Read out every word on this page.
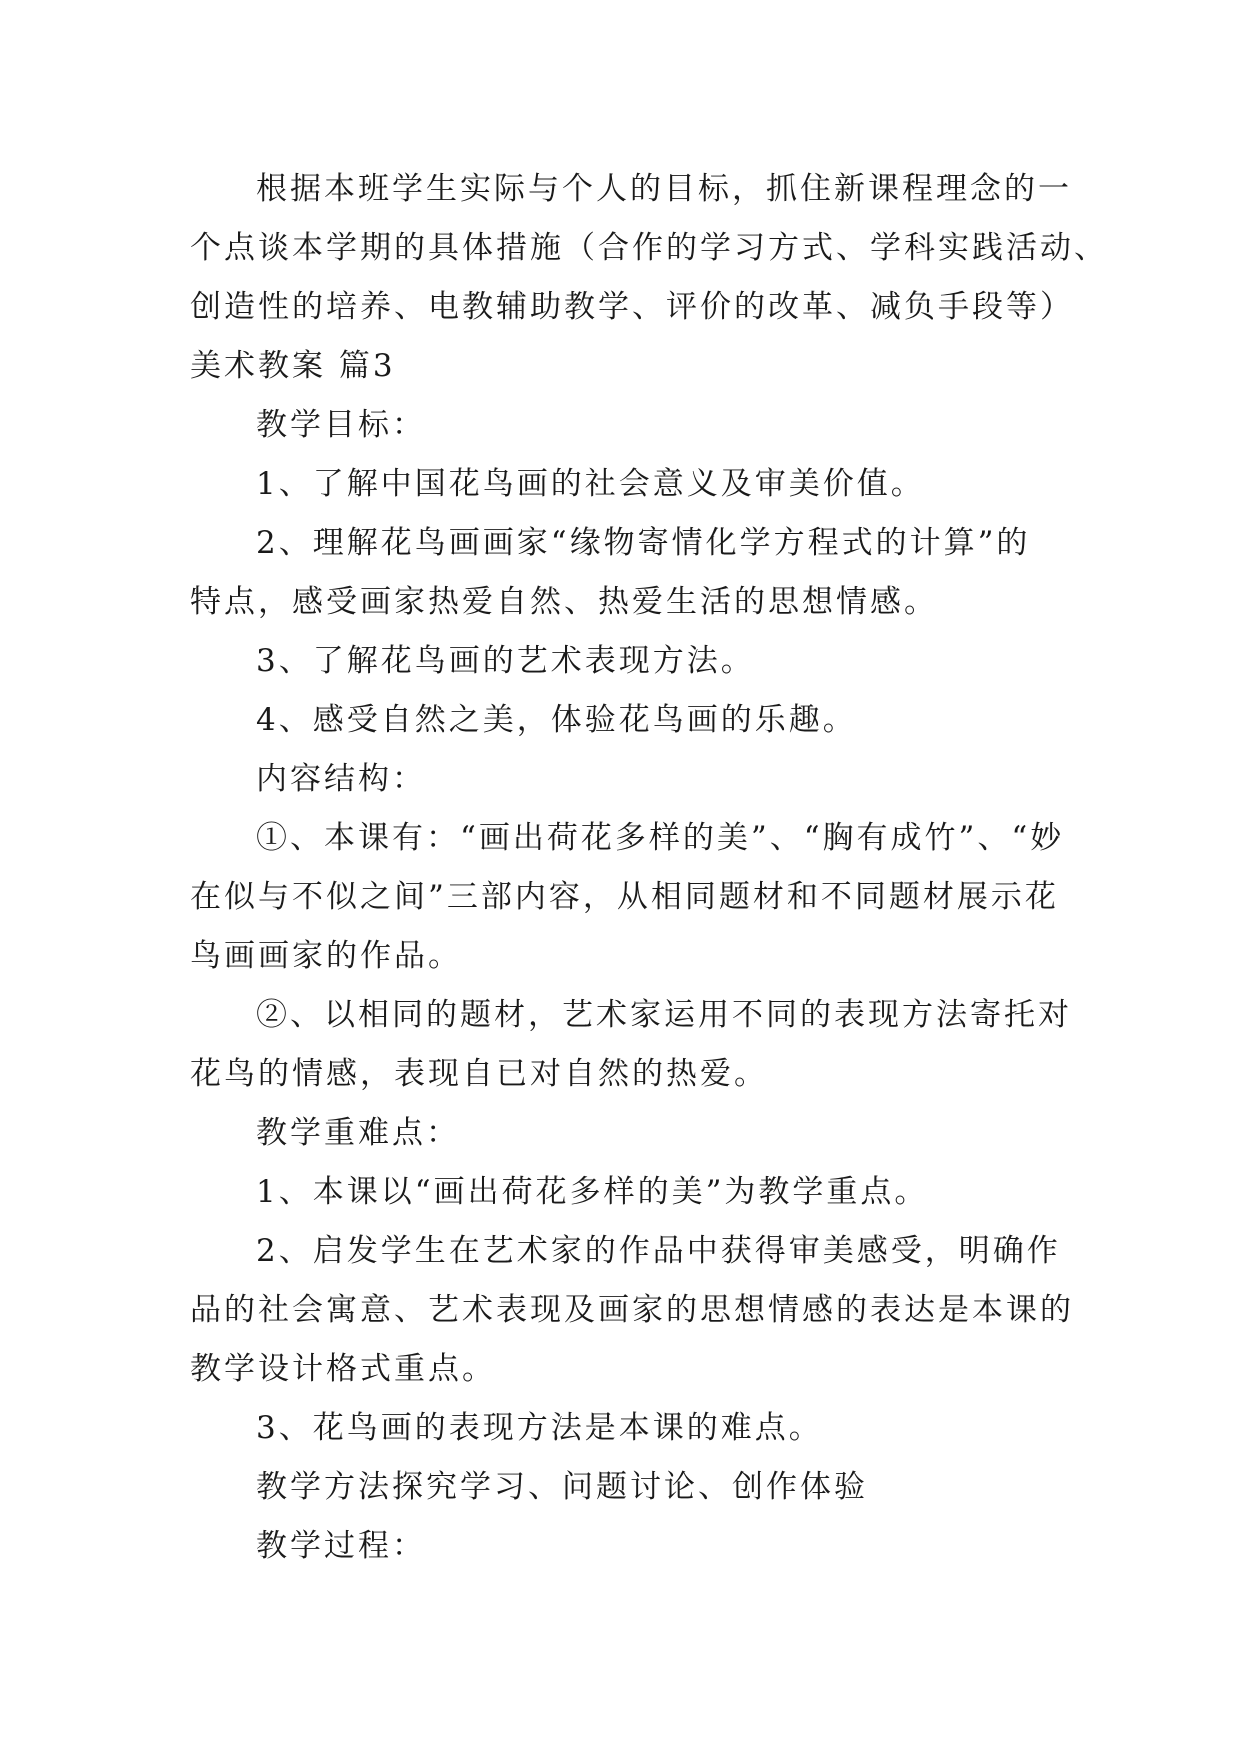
根据本班学生实际与个人的目标，抓住新课程理念的一
个点谈本学期的具体措施（合作的学习方式、学科实践活动、
创造性的培养、电教辅助教学、评价的改革、减负手段等）
美术教案 篇3
教学目标：
1、了解中国花鸟画的社会意义及审美价值。
2、理解花鸟画画家“缘物寄情化学方程式的计算”的
特点，感受画家热爱自然、热爱生活的思想情感。
3、了解花鸟画的艺术表现方法。
4、感受自然之美，体验花鸟画的乐趣。
内容结构：
①、本课有：“画出荷花多样的美”、“胸有成竹”、“妙
在似与不似之间”三部内容，从相同题材和不同题材展示花
鸟画画家的作品。
②、以相同的题材，艺术家运用不同的表现方法寄托对
花鸟的情感，表现自已对自然的热爱。
教学重难点：
1、本课以“画出荷花多样的美”为教学重点。
2、启发学生在艺术家的作品中获得审美感受，明确作
品的社会寓意、艺术表现及画家的思想情感的表达是本课的
教学设计格式重点。
3、花鸟画的表现方法是本课的难点。
教学方法探究学习、问题讨论、创作体验
教学过程：
